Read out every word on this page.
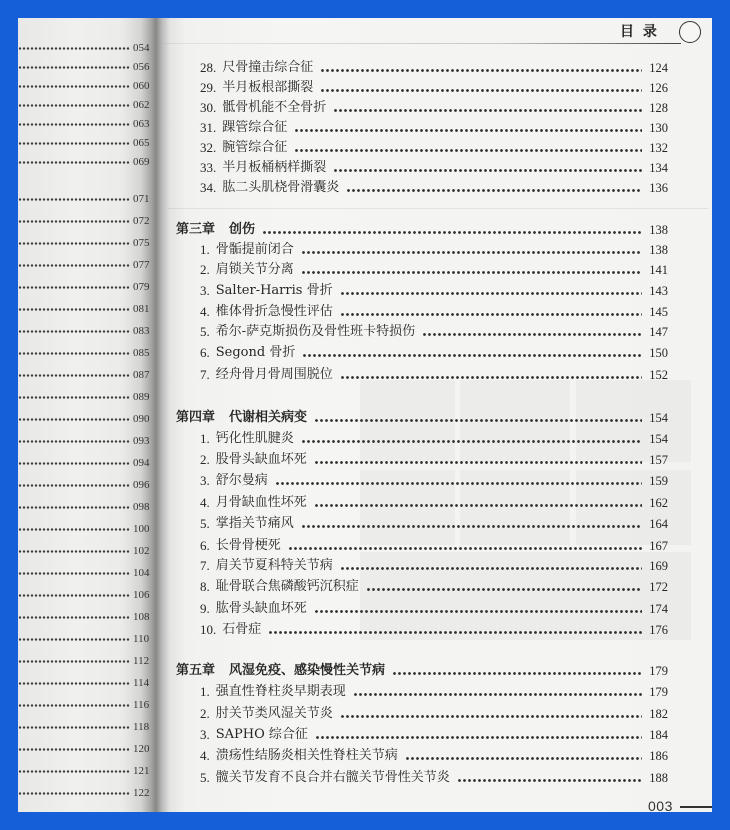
054
056
060
062
063
065
069
071
072
075
077
079
081
083
085
087
089
090
093
094
096
098
100
102
104
106
108
110
112
114
116
118
120
121
122
目 录
28. 尺骨撞击综合征	124
29. 半月板根部撕裂	126
30. 骶骨机能不全骨折	128
31. 踝管综合征	130
32. 腕管综合征	132
33. 半月板桶柄样撕裂	134
34. 肱二头肌桡骨滑囊炎	136
第三章 创伤	138
1. 骨骺提前闭合	138
2. 肩锁关节分离	141
3. Salter-Harris 骨折	143
4. 椎体骨折急慢性评估	145
5. 希尔-萨克斯损伤及骨性班卡特损伤	147
6. Segond 骨折	150
7. 经舟骨月骨周围脱位	152
第四章 代谢相关病变	154
1. 钙化性肌腱炎	154
2. 股骨头缺血坏死	157
3. 舒尔曼病	159
4. 月骨缺血性坏死	162
5. 掌指关节痛风	164
6. 长骨骨梗死	167
7. 肩关节夏科特关节病	169
8. 耻骨联合焦磷酸钙沉积症	172
9. 肱骨头缺血坏死	174
10. 石骨症	176
第五章 风湿免疫、感染慢性关节病	179
1. 强直性脊柱炎早期表现	179
2. 肘关节类风湿关节炎	182
3. SAPHO 综合征	184
4. 溃疡性结肠炎相关性脊柱关节病	186
5. 髋关节发育不良合并右髋关节骨性关节炎	188
003
